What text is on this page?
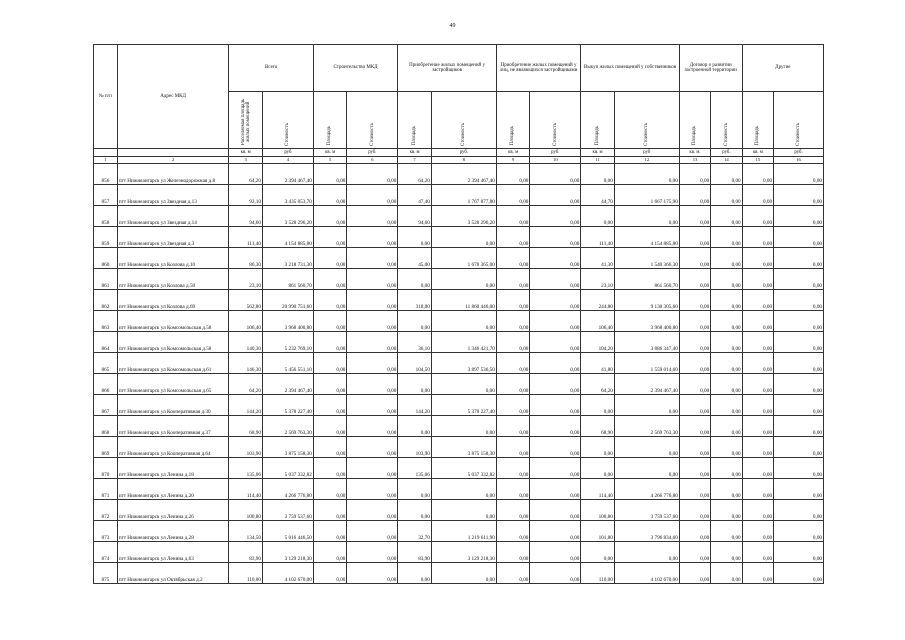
49
№ п/п	Адрес МКД	Всего		Строительство МКД		Приобретение жилых помещений у застройщиков		Приобретение жилых помещений у лиц, не являющихся застройщиками		Выкуп жилых помещений у собственников		Договор о развитии застроенной территории		Другие	
		Расселяемая площадь жилых помещений	Стоимость	Площадь	Стоимость	Площадь	Стоимость	Площадь	Стоимость	Площадь	Стоимость	Площадь	Стоимость	Площадь	Стоимость
		кв. м	руб	кв. м	руб.	кв. м	руб.	кв. м	руб.	кв. м	руб	кв. м.	руб.	кв. м	руб.
1	2	3	4	5	6	7	8	9	10	11	12	13	14	15	16
856	пгт Нижнеангарск ул Железнодорожная д.8	64,20	2 394 467,40	0,00	0,00	64,20	2 394 467,40	0,00	0,00	0,00	0,00	0,00	0,00	0,00	0,00
857	пгт Нижнеангарск ул Звездная д.13	92,10	3 435 053,70	0,00	0,00	47,40	1 767 877,80	0,00	0,00	44,70	1 667 175,90	0,00	0,00	0,00	0,00
858	пгт Нижнеангарск ул Звездная д.14	94,60	3 528 296,20	0,00	0,00	94,60	3 528 296,20	0,00	0,00	0,00	0,00	0,00	0,00	0,00	0,00
859	пгт Нижнеангарск ул Звездная д.3	111,40	4 154 885,80	0,00	0,00	0,00	0,00	0,00	0,00	111,40	4 154 885,80	0,00	0,00	0,00	0,00
860	пгт Нижнеангарск ул Козлова д.10	86,30	3 218 731,30	0,00	0,00	45,00	1 678 365,00	0,00	0,00	41,30	1 540 366,30	0,00	0,00	0,00	0,00
861	пгт Нижнеангарск ул Козлова д.50	23,10	861 560,70	0,00	0,00	0,00	0,00	0,00	0,00	23,10	861 560,70	0,00	0,00	0,00	0,00
862	пгт Нижнеангарск ул Козлова д.69	562,80	20 990 751,60	0,00	0,00	318,00	11 860 446,00	0,00	0,00	244,80	9 130 305,60	0,00	0,00	0,00	0,00
863	пгт Нижнеангарск ул Комсомольская д.58	106,40	3 968 400,80	0,00	0,00	0,00	0,00	0,00	0,00	106,40	3 968 400,80	0,00	0,00	0,00	0,00
864	пгт Нижнеангарск ул Комсомольская д.58	140,30	5 232 769,10	0,00	0,00	36,10	1 346 421,70	0,00	0,00	104,20	3 886 347,40	0,00	0,00	0,00	0,00
865	пгт Нижнеангарск ул Комсомольская д.61	146,30	5 456 551,10	0,00	0,00	104,50	3 897 536,50	0,00	0,00	41,80	1 559 014,60	0,00	0,00	0,00	0,00
866	пгт Нижнеангарск ул Комсомольская д.65	64,20	2 394 467,40	0,00	0,00	0,00	0,00	0,00	0,00	64,20	2 394 467,40	0,00	0,00	0,00	0,00
867	пгт Нижнеангарск ул Кооперативная д.30	144,20	5 378 227,40	0,00	0,00	144,20	5 378 227,40	0,00	0,00	0,00	0,00	0,00	0,00	0,00	0,00
868	пгт Нижнеангарск ул Кооперативная д.37	68,90	2 569 763,30	0,00	0,00	0,00	0,00	0,00	0,00	68,90	2 569 763,30	0,00	0,00	0,00	0,00
869	пгт Нижнеангарск ул Кооперативная д.64	103,90	3 875 158,30	0,00	0,00	103,90	3 875 158,30	0,00	0,00	0,00	0,00	0,00	0,00	0,00	0,00
870	пгт Нижнеангарск ул Ленина д.18	135,06	5 037 332,82	0,00	0,00	135,06	5 037 332,82	0,00	0,00	0,00	0,00	0,00	0,00	0,00	0,00
871	пгт Нижнеангарск ул Ленина д.20	114,40	4 266 776,80	0,00	0,00	0,00	0,00	0,00	0,00	114,40	4 266 776,80	0,00	0,00	0,00	0,00
872	пгт Нижнеангарск ул Ленина д.26	100,80	3 759 537,60	0,00	0,00	0,00	0,00	0,00	0,00	100,80	3 759 537,60	0,00	0,00	0,00	0,00
873	пгт Нижнеангарск ул Ленина д.28	134,50	5 016 446,50	0,00	0,00	32,70	1 219 611,90	0,00	0,00	101,80	3 796 834,60	0,00	0,00	0,00	0,00
874	пгт Нижнеангарск ул Ленина д.63	83,90	3 129 218,30	0,00	0,00	83,90	3 129 218,30	0,00	0,00	0,00	0,00	0,00	0,00	0,00	0,00
875	пгт Нижнеангарск ул Октябрьская д.2	110,00	4 102 670,00	0,00	0,00	0,00	0,00	0,00	0,00	110,00	4 102 670,00	0,00	0,00	0,00	0,00
